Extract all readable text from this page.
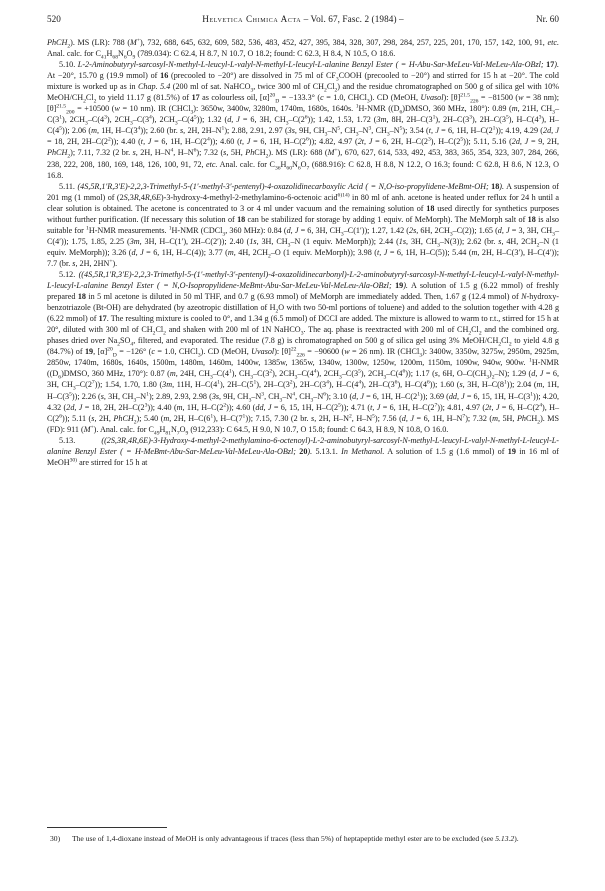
520	Helvetica Chimica Acta – Vol. 67, Fasc. 2 (1984) –	Nr. 60

PhCH$_2$). MS (LR): 788 (M+), 732, 688, 645, 632, 609, 582, 536, 483, 452, 427, 395, 384, 328, 307, 298, 284, 257, 225, 201, 170, 157, 142, 100, 91, etc. Anal. calc. for $C_{41}H_{68}N_6O_9$ (789.034): C 62.4, H 8.7, N 10.7, O 18.2; found: C 62.3, H 8.4, N 10.5, O 18.6.

5.10. L-2-Aminobutyryl-sarcosyl-N-methyl-L-leucyl-L-valyl-N-methyl-L-leucyl-L-alanine Benzyl Ester ( = H-Abu-Sar-MeLeu-Val-MeLeu-Ala-OBzl; 17). At −20°, 15.70 g (19.9 mmol) of 16 (precooled to −20°) are dissolved in 75 ml of $CF_3COOH$ (precooled to −20°) and stirred for 15 h at −20°. The cold mixture is worked up as in Chap. 5.4 (200 ml of sat. NaHCO$_3$, twice 300 ml of $CH_2Cl_2$) and the residue chromatographed on 500 g of silica gel with 10% MeOH/$CH_2Cl_2$ to yield 11.17 g (81.5%) of 17 as colourless oil, $[\alpha]^{20}_D = -133.3^\circ$ (c = 1.0, CHCl$_3$). CD (MeOH, Uvasol): $[\theta]^{21.5}_{226} = -81500$ (w = 38 nm); $[\theta]^{21.5}_{200} = +10500$ (w = 10 nm). IR (CHCl$_3$): 3650w, 3400w, 3280m, 1740m, 1680s, 1640s. $^1$H-NMR ($(D_6)DMSO$, 360 MHz, 180°): 0.89 (m, 21H, $CH_3-C(3^1)$, $2CH_3-C(4^3)$, $2CH_3-C(3^4)$, $2CH_3-C(4^5)$); 1.32 (d, J = 6, 3H, $CH_3-C(2^6)$); 1.42, 1.53, 1.72 (3m, 8H, $2H-C(3^1)$, $2H-C(3^3)$, $2H-C(3^5)$, $H-C(4^3)$, $H-C(4^5)$); 2.06 (m, 1H, $H-C(3^4)$); 2.60 (br. s, 2H, $2H-N^1$); 2.88, 2.91, 2.97 (3s, 9H, $CH_3-N^5$, $CH_3-N^3$, $CH_3-N^5$); 3.54 (t, J = 6, 1H, $H-C(2^1)$); 4.19, 4.29 (2d, J = 18, 2H, $2H-C(2^2)$); 4.40 (t, J = 6, 1H, $H-C(2^4)$); 4.60 (t, J = 6, 1H, $H-C(2^6)$); 4.82, 4.97 (2t, J = 6, 2H, $H-C(2^3)$, $H-C(2^5)$); 5.11, 5.16 (2d, J = 9, 2H, PhCH$_2$); 7.11, 7.32 (2 br. s, 2H, $H-N^4$, $H-N^6$); 7.32 (s, 5H, PhCH$_2$). MS (LR): 688 (M+), 670, 627, 614, 533, 492, 453, 383, 365, 354, 323, 307, 284, 266, 238, 222, 208, 180, 169, 148, 126, 100, 91, 72, etc. Anal. calc. for $C_{36}H_{60}N_6O_7$ (688.916): C 62.8, H 8.8, N 12.2, O 16.3; found: C 62.8, H 8.6, N 12.3, O 16.8.

5.11. (4S,5R,1′R,3′E)-2,2,3-Trimethyl-5-(1′-methyl-3′-pentenyl)-4-oxazolidinecarboxylic Acid ( = N,O-iso-propylidene-MeBmt-OH; 18). A suspension of 201 mg (1 mmol) of (2S,3R,4R,6E)-3-hydroxy-4-methyl-2-methylamino-6-octenoic acid$^{6)14)}$ in 80 ml of anh. acetone is heated under reflux for 24 h until a clear solution is obtained. The acetone is concentrated to 3 or 4 ml under vacuum and the remaining solution of 18 used directly for synthetics purposes without further purification. (If necessary this solution of 18 can be stabilized for storage by adding 1 equiv. of MeMorph). The MeMorph salt of 18 is also suitable for $^1$H-NMR measurements. $^1$H-NMR (CDCl$_3$, 360 MHz): 0.84 (d, J = 6, 3H, $CH_3-C(1')$); 1.27, 1.42 (2s, 6H, $2CH_3-C(2)$); 1.65 (d, J = 3, 3H, $CH_3-C(4')$); 1.75, 1.85, 2.25 (3m, 3H, H–C(1′), 2H–C(2′)); 2.40 (1s, 3H, $CH_3-N$ (1 equiv. MeMorph)); 2.44 (1s, 3H, $CH_3-N(3)$); 2.62 (br. s, 4H, $2CH_2-N$ (1 equiv. MeMorph)); 3.26 (d, J = 6, 1H, H–C(4)); 3.77 (m, 4H, $2CH_2-O$ (1 equiv. MeMorph)); 3.98 (t, J = 6, 1H, H–C(5)); 5.44 (m, 2H, H–C(3′), H–C(4′)); 7.7 (br. s, 2H, 2HN+).

5.12. ((4S,5R,1′R,3′E)-2,2,3-Trimethyl-5-(1′-methyl-3′-pentenyl)-4-oxazolidinecarbonyl)-L-2-aminobutyryl-sarcosyl-N-methyl-L-leucyl-L-valyl-N-methyl-L-leucyl-L-alanine Benzyl Ester ( = N,O-Isopropylidene-MeBmt-Abu-Sar-MeLeu-Val-MeLeu-Ala-OBzl; 19). A solution of 1.5 g (6.22 mmol) of freshly prepared 18 in 5 ml acetone is diluted in 50 ml THF, and 0.7 g (6.93 mmol) of MeMorph are immediately added. Then, 1.67 g (12.4 mmol) of N-hydroxy-benzotriazole (Bt-OH) are dehydrated (by azeotropic distillation of $H_2O$ with two 50-ml portions of toluene) and added to the solution together with 4.28 g (6.22 mmol) of 17. The resulting mixture is cooled to 0°, and 1.34 g (6.5 mmol) of DCCI are added. The mixture is allowed to warm to r.t., stirred for 15 h at 20°, diluted with 300 ml of $CH_2Cl_2$ and shaken with 200 ml of 1N NaHCO$_3$. The aq. phase is reextracted with 200 ml of $CH_2Cl_2$ and the combined org. phases dried over $Na_2SO_4$, filtered, and evaporated. The residue (7.8 g) is chromatographed on 500 g of silica gel using 3% MeOH/$CH_2Cl_2$ to yield 4.8 g (84.7%) of 19, $[\alpha]^{20}_D = -126^\circ$ (c = 1.0, CHCl$_3$). CD (MeOH, Uvasol): $[\theta]^{22}_{226} = -90600$ (w = 26 nm). IR (CHCl$_3$): 3400w, 3350w, 3275w, 2950m, 2925m, 2850w, 1740m, 1680s, 1640s, 1500m, 1480m, 1460m, 1400w, 1385w, 1365w, 1340w, 1300w, 1250w, 1200m, 1150m, 1090w, 940w, 900w. $^1$H-NMR ($(D_6)DMSO$, 360 MHz, 170°): 0.87 (m, 24H, $CH_3-C(4^1)$, $CH_3-C(3^2)$, $2CH_3-C(4^4)$, $2CH_3-C(3^5)$, $2CH_3-C(4^6)$); 1.17 (s, 6H, $O-C(CH_3)_2-N$); 1.29 (d, J = 6, 3H, $CH_3-C(2^7)$); 1.54, 1.70, 1.80 (3m, 11H, $H-C(4^1)$, $2H-C(5^1)$, $2H-C(3^2)$, $2H-C(3^4)$, $H-C(4^4)$, $2H-C(3^6)$, $H-C(4^6)$); 1.60 (s, 3H, $H-C(8^1)$); 2.04 (m, 1H, $H-C(3^5)$); 2.26 (s, 3H, $CH_3-N^1$); 2.89, 2.93, 2.98 (3s, 9H, $CH_3-N^3$, $CH_3-N^4$, $CH_3-N^6$); 3.10 (d, J = 6, 1H, $H-C(2^1)$); 3.69 (dd, J = 6, 15, 1H, $H-C(3^1)$); 4.20, 4.32 (2d, J = 18, 2H, $2H-C(2^3)$); 4.40 (m, 1H, $H-C(2^2)$); 4.60 (dd, J = 6, 15, 1H, $H-C(2^5)$); 4.71 (t, J = 6, 1H, $H-C(2^7)$); 4.81, 4.97 (2t, J = 6, $H-C(2^4)$, $H-C(2^6)$); 5.11 (s, 2H, PhCH$_2$); 5.40 (m, 2H, $H-C(6^1)$, $H-C(7^1)$); 7.15, 7.30 (2 br. s, 2H, $H-N^2$, $H-N^5$); 7.56 (d, J = 6, 1H, $H-N^7$); 7.32 (m, 5H, PhCH$_2$). MS (FD): 911 (M+). Anal. calc. for $C_{49}H_{81}N_7O_9$ (912,233): C 64.5, H 9.0, N 10.7, O 15.8; found: C 64.3, H 8.9, N 10.8, O 16.0.

5.13. ((2S,3R,4R,6E)-3-Hydroxy-4-methyl-2-methylamino-6-octenoyl)-L-2-aminobutyryl-sarcosyl-N-methyl-L-leucyl-L-valyl-N-methyl-L-leucyl-L-alanine Benzyl Ester ( = H-MeBmt-Abu-Sar-MeLeu-Val-MeLeu-Ala-OBzl; 20). 5.13.1. In Methanol. A solution of 1.5 g (1.6 mmol) of 19 in 16 ml of MeOH$^{30)}$ are stirred for 15 h at

30) The use of 1,4-dioxane instead of MeOH is only advantageous if traces (less than 5%) of heptapeptide methyl ester are to be excluded (see 5.13.2).
